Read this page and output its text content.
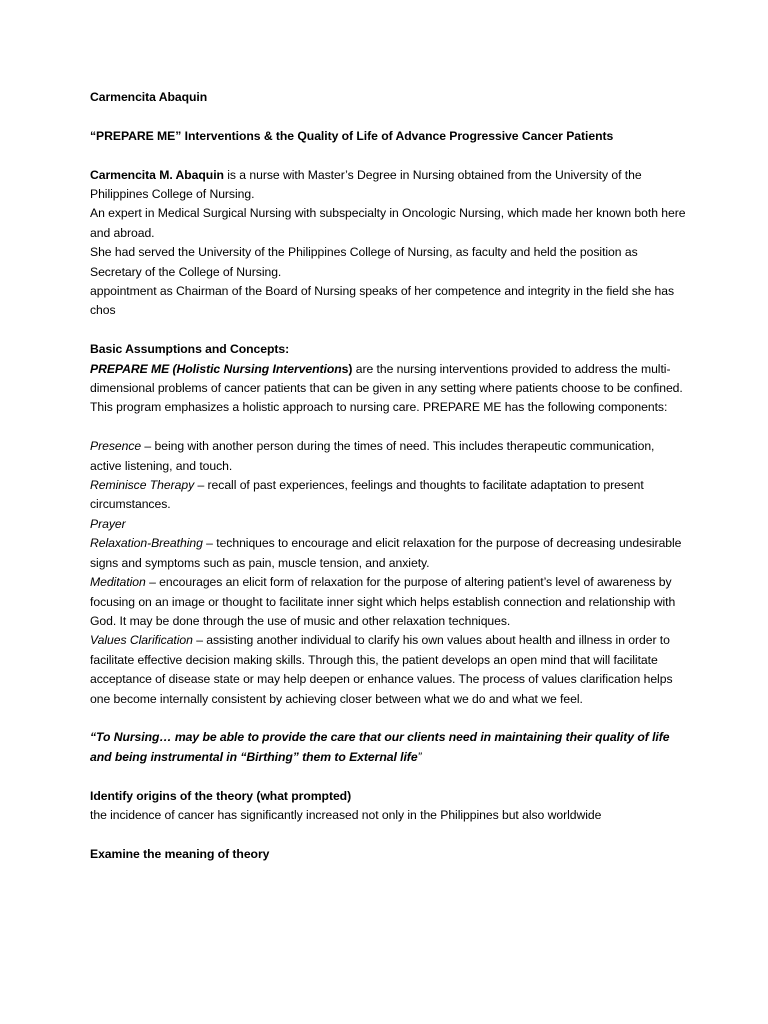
Carmencita Abaquin

“PREPARE ME” Interventions & the Quality of Life of Advance Progressive Cancer Patients

Carmencita M. Abaquin is a nurse with Master’s Degree in Nursing obtained from the University of the Philippines College of Nursing.

An expert in Medical Surgical Nursing with subspecialty in Oncologic Nursing, which made her known both here and abroad.

She had served the University of the Philippines College of Nursing, as faculty and held the position as Secretary of the College of Nursing.

appointment as Chairman of the Board of Nursing speaks of her competence and integrity in the field she has chos

Basic Assumptions and Concepts:

PREPARE ME (Holistic Nursing Interventions) are the nursing interventions provided to address the multi-dimensional problems of cancer patients that can be given in any setting where patients choose to be confined. This program emphasizes a holistic approach to nursing care. PREPARE ME has the following components:

Presence – being with another person during the times of need. This includes therapeutic communication, active listening, and touch.

Reminisce Therapy – recall of past experiences, feelings and thoughts to facilitate adaptation to present circumstances.

Prayer

Relaxation-Breathing – techniques to encourage and elicit relaxation for the purpose of decreasing undesirable signs and symptoms such as pain, muscle tension, and anxiety.

Meditation – encourages an elicit form of relaxation for the purpose of altering patient’s level of awareness by focusing on an image or thought to facilitate inner sight which helps establish connection and relationship with God. It may be done through the use of music and other relaxation techniques.

Values Clarification – assisting another individual to clarify his own values about health and illness in order to facilitate effective decision making skills. Through this, the patient develops an open mind that will facilitate acceptance of disease state or may help deepen or enhance values. The process of values clarification helps one become internally consistent by achieving closer between what we do and what we feel.

“To Nursing… may be able to provide the care that our clients need in maintaining their quality of life and being instrumental in “Birthing” them to External life”

Identify origins of the theory (what prompted)

the incidence of cancer has significantly increased not only in the Philippines but also worldwide

Examine the meaning of theory
